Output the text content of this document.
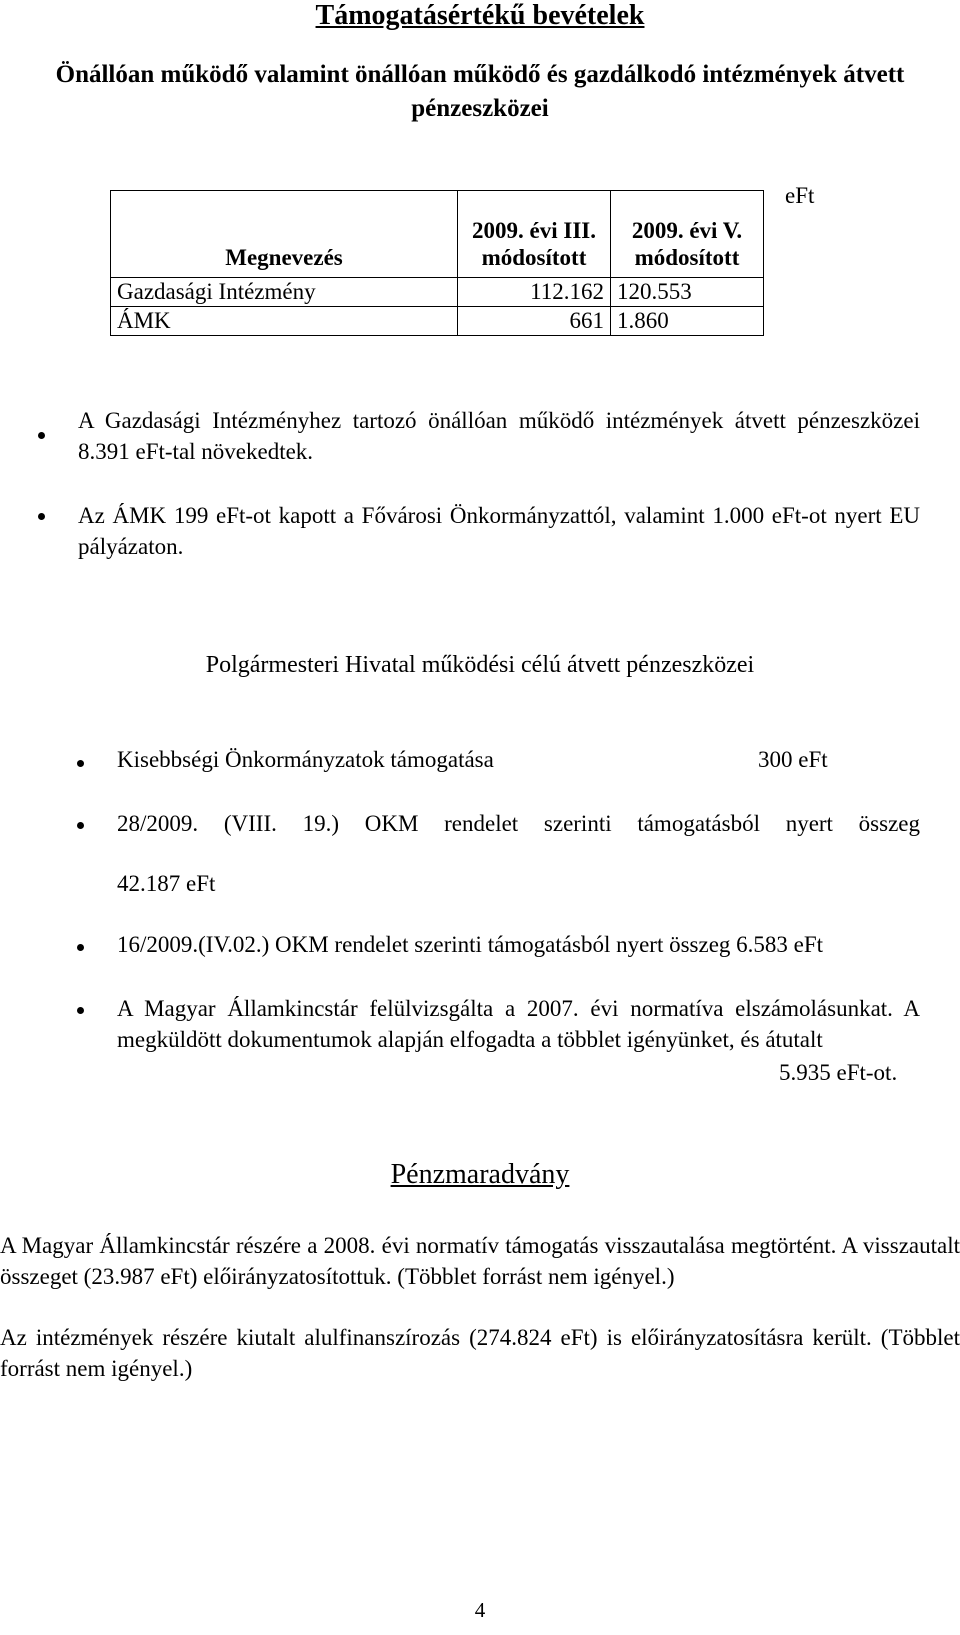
Támogatásértékű bevételek
Önállóan működő valamint önállóan működő és gazdálkodó intézmények átvett pénzeszközei
eFt
Megnevezés	2009. évi III. módosított	2009. évi V. módosított
Gazdasági Intézmény	112.162	120.553
ÁMK	661	1.860
A Gazdasági Intézményhez tartozó önállóan működő intézmények átvett pénzeszközei 8.391 eFt-tal növekedtek.
Az ÁMK 199 eFt-ot kapott a Fővárosi Önkormányzattól, valamint 1.000 eFt-ot nyert EU pályázaton.
Polgármesteri Hivatal működési célú átvett pénzeszközei
Kisebbségi Önkormányzatok támogatása	300 eFt
28/2009. (VIII. 19.) OKM rendelet szerinti támogatásból nyert összeg
42.187 eFt
16/2009.(IV.02.) OKM rendelet szerinti támogatásból nyert összeg 6.583 eFt
A Magyar Államkincstár felülvizsgálta a 2007. évi normatíva elszámolásunkat. A megküldött dokumentumok alapján elfogadta a többlet igényünket, és átutalt
5.935 eFt-ot.
Pénzmaradvány
A Magyar Államkincstár részére a 2008. évi normatív támogatás visszautalása megtörtént. A visszautalt összeget (23.987 eFt) előirányzatosítottuk. (Többlet forrást nem igényel.)
Az intézmények részére kiutalt alulfinanszírozás (274.824 eFt) is előirányzatosításra került. (Többlet forrást nem igényel.)
4
